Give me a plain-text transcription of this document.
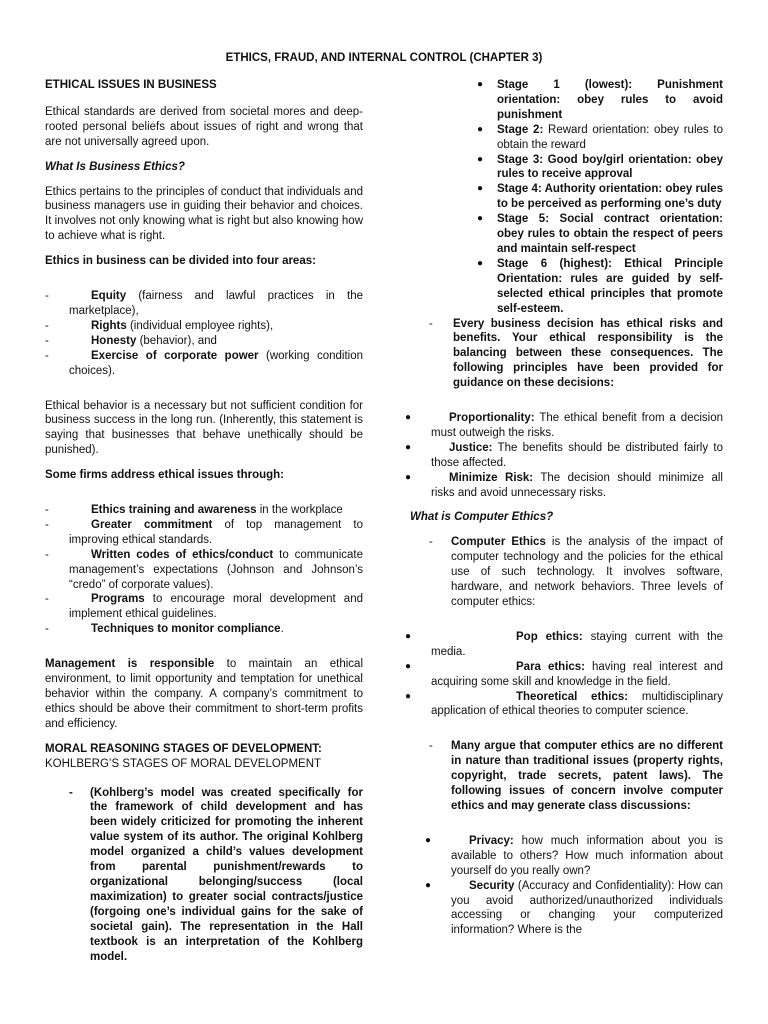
ETHICS, FRAUD, AND INTERNAL CONTROL (CHAPTER 3)

ETHICAL ISSUES IN BUSINESS

Ethical standards are derived from societal mores and deep-rooted personal beliefs about issues of right and wrong that are not universally agreed upon.

What Is Business Ethics?

Ethics pertains to the principles of conduct that individuals and business managers use in guiding their behavior and choices. It involves not only knowing what is right but also knowing how to achieve what is right.

Ethics in business can be divided into four areas:

-	Equity (fairness and lawful practices in the marketplace),
-	Rights (individual employee rights),
-	Honesty (behavior), and
-	Exercise of corporate power (working condition choices).

Ethical behavior is a necessary but not sufficient condition for business success in the long run. (Inherently, this statement is saying that businesses that behave unethically should be punished).

Some firms address ethical issues through:

-	Ethics training and awareness in the workplace
-	Greater commitment of top management to improving ethical standards.
-	Written codes of ethics/conduct to communicate management’s expectations (Johnson and Johnson’s “credo” of corporate values).
-	Programs to encourage moral development and implement ethical guidelines.
-	Techniques to monitor compliance.

Management is responsible to maintain an ethical environment, to limit opportunity and temptation for unethical behavior within the company. A company’s commitment to ethics should be above their commitment to short-term profits and efficiency.

MORAL REASONING STAGES OF DEVELOPMENT:
KOHLBERG’S STAGES OF MORAL DEVELOPMENT

- (Kohlberg’s model was created specifically for the framework of child development and has been widely criticized for promoting the inherent value system of its author. The original Kohlberg model organized a child’s values development from parental punishment/rewards to organizational belonging/success (local maximization) to greater social contracts/justice (forgoing one’s individual gains for the sake of societal gain). The representation in the Hall textbook is an interpretation of the Kohlberg model.
● Stage 1 (lowest): Punishment orientation: obey rules to avoid punishment
● Stage 2: Reward orientation: obey rules to obtain the reward
● Stage 3: Good boy/girl orientation: obey rules to receive approval
● Stage 4: Authority orientation: obey rules to be perceived as performing one’s duty
● Stage 5: Social contract orientation: obey rules to obtain the respect of peers and maintain self-respect
● Stage 6 (highest): Ethical Principle Orientation: rules are guided by self-selected ethical principles that promote self-esteem.
- Every business decision has ethical risks and benefits. Your ethical responsibility is the balancing between these consequences. The following principles have been provided for guidance on these decisions:
●	Proportionality: The ethical benefit from a decision must outweigh the risks.
●	Justice: The benefits should be distributed fairly to those affected.
●	Minimize Risk: The decision should minimize all risks and avoid unnecessary risks.

What is Computer Ethics?

- Computer Ethics is the analysis of the impact of computer technology and the policies for the ethical use of such technology. It involves software, hardware, and network behaviors. Three levels of computer ethics:
●	Pop ethics: staying current with the media.
●	Para ethics: having real interest and acquiring some skill and knowledge in the field.
●	Theoretical ethics: multidisciplinary application of ethical theories to computer science.
- Many argue that computer ethics are no different in nature than traditional issues (property rights, copyright, trade secrets, patent laws). The following issues of concern involve computer ethics and may generate class discussions:
●	Privacy: how much information about you is available to others? How much information about yourself do you really own?
●	Security (Accuracy and Confidentiality): How can you avoid authorized/unauthorized individuals accessing or changing your computerized information? Where is the
